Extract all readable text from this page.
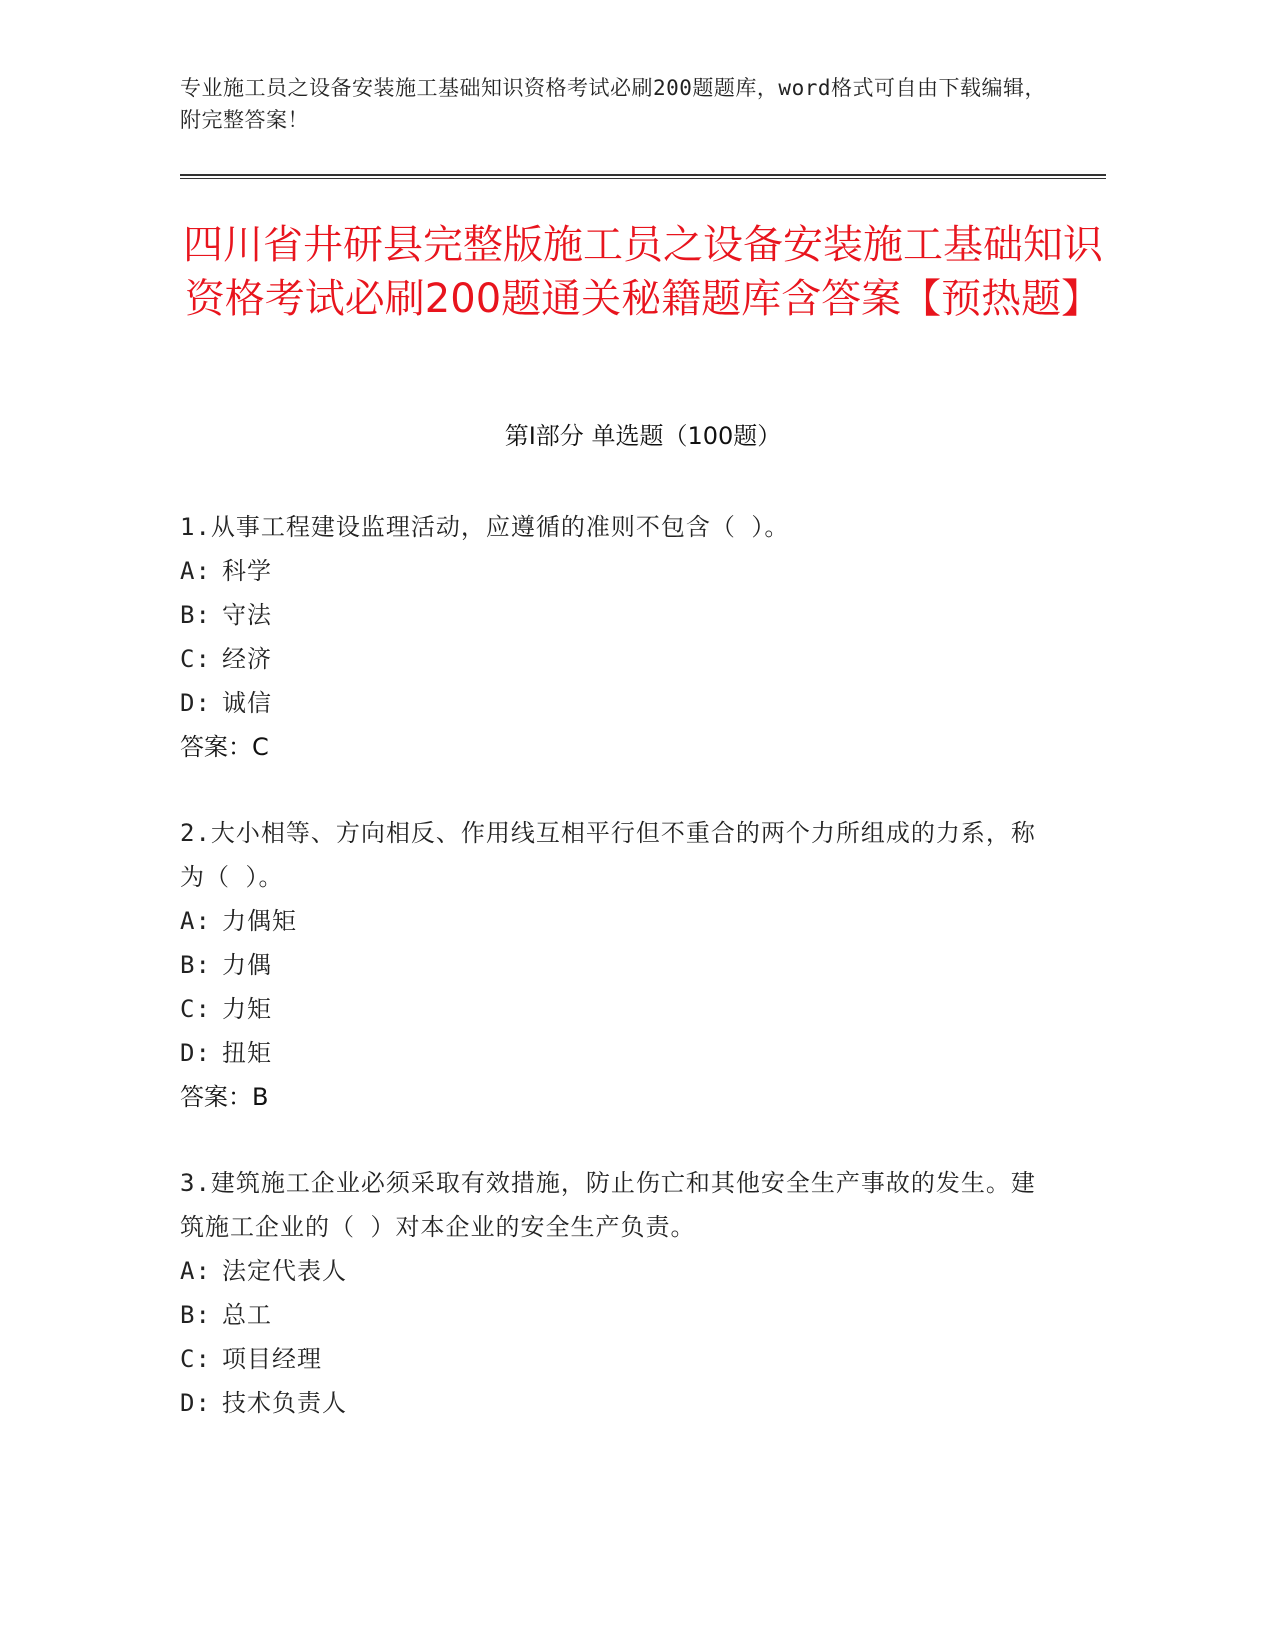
专业施工员之设备安装施工基础知识资格考试必刷200题题库，word格式可自由下载编辑，附完整答案！
四川省井研县完整版施工员之设备安装施工基础知识资格考试必刷200题通关秘籍题库含答案【预热题】
第Ⅰ部分 单选题（100题）
1.从事工程建设监理活动，应遵循的准则不包含（ ）。
A: 科学
B: 守法
C: 经济
D: 诚信
答案：C
2.大小相等、方向相反、作用线互相平行但不重合的两个力所组成的力系，称为（ ）。
A: 力偶矩
B: 力偶
C: 力矩
D: 扭矩
答案：B
3.建筑施工企业必须采取有效措施，防止伤亡和其他安全生产事故的发生。建筑施工企业的（ ）对本企业的安全生产负责。
A: 法定代表人
B: 总工
C: 项目经理
D: 技术负责人
